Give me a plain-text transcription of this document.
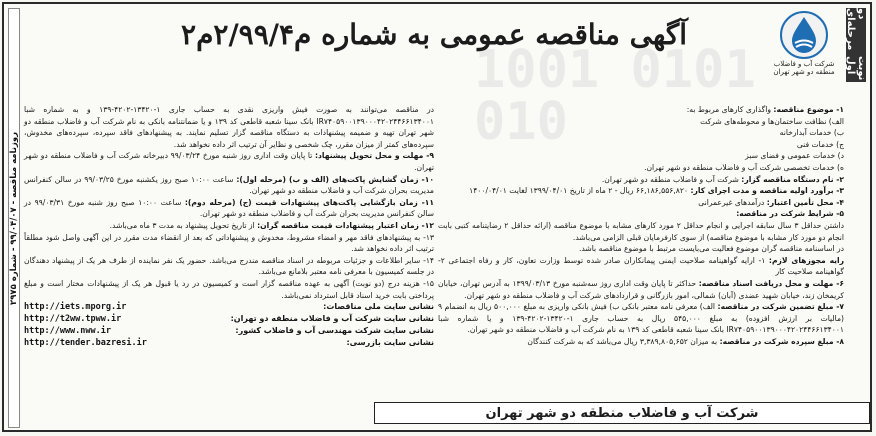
1001 0101 010
روزنامه مناقصه - ۹۹/۰۴/۰۷ - شماره ۲۹۷۵
دو مرحله‌ای
نوبت اول
شرکت آب و فاضلاب منطقه دو شهر تهران
آگهی مناقصه عمومی به شماره م۲/۹۹/۴م۲

۱- موضوع مناقصه: واگذاری کارهای مربوط به:

الف) نظافت ساختمان‌ها و محوطه‌های شرکت

ب) خدمات آبدارخانه

ج) خدمات فنی

د) خدمات عمومی و فضای سبز

ه) خدمات تخصصی شرکت آب و فاضلاب منطقه دو شهر تهران.

۲- نام دستگاه مناقصه گزار: شرکت آب و فاضلاب منطقه دو شهر تهران.

۳- برآورد اولیه مناقصه و مدت اجرای کار: ۶۶,۱۸۶,۵۵۶,۸۲۰ ریال - ۲ ماه از تاریخ ۱۳۹۹/۰۴/۰۱ لغایت ۱۴۰۰/۰۴/۰۱

۴- محل تأمین اعتبار: درآمدهای غیرعمرانی

۵- شرایط شرکت در مناقصه:

داشتن حداقل ۳ سال سابقه اجرایی و انجام حداقل ۲ مورد کارهای مشابه با موضوع مناقصه (ارائه حداقل ۲ رضایتنامه کتبی بابت انجام دو مورد کار مشابه با موضوع مناقصه) از سوی کارفرمایان قبلی الزامی می‌باشد.

در اساسنامه مناقصه گران موضوع فعالیت می‌بایست مرتبط با موضوع مناقصه باشد.

رایه مجوزهای لازم: ۱- ارایه گواهینامه صلاحیت ایمنی پیمانکاران صادر شده توسط وزارت تعاون، کار و رفاه اجتماعی ۲- گواهینامه صلاحیت کار

۶- مهلت و محل دریافت اسناد مناقصه: حداکثر تا پایان وقت اداری روز سه‌شنبه مورخ ۱۳۹۹/۰۳/۱۳ به آدرس تهران، خیابان کریمخان زند، خیابان شهید عضدی (آبان) شمالی، امور بازرگانی و قراردادهای شرکت آب و فاضلاب منطقه دو شهر تهران.

۷- مبلغ تضمین شرکت در مناقصه: الف) معرفی نامه معتبر بانکی ب) فیش بانکی واریزی به مبلغ ۵۰۰,۰۰۰ ریال به انضمام ۹ (مالیات بر ارزش افزوده) به مبلغ ۵۴۵,۰۰۰ ریال به حساب جاری ۱-۱۳۴۲۰-۴۲۰۲-۱۳۹ و یا شماره شبا IR۷۴۰۵۹۰۰۱۳۹۰۰۰۴۲۰۲۴۴۶۶۱۳۴۰۰۱ بانک سینا شعبه قاطعی کد ۱۳۹ به نام شرکت آب و فاضلاب منطقه دو شهر تهران.

۸- مبلغ سپرده شرکت در مناقصه: به میزان ۳,۳۸۹,۸۰۵,۶۵۲ ریال می‌باشد که به شرکت کنندگان

در مناقصه می‌توانند به صورت فیش واریزی نقدی به حساب جاری ۱-۱۳۴۲۰-۴۲۰۲-۱۳۹ و به شماره شبا IR۷۴۰۵۹۰۰۱۳۹۰۰۰۴۲۰۲۴۴۶۶۱۳۴۰۰۱ بانک سینا شعبه قاطعی کد ۱۳۹ و یا ضمانتنامه بانکی به نام شرکت آب و فاضلاب منطقه دو شهر تهران تهیه و ضمیمه پیشنهادات به دستگاه مناقصه گزار تسلیم نمایند. به پیشنهادهای فاقد سپرده، سپرده‌های مخدوش، سپرده‌های کمتر از میزان مقرر، چک شخصی و نظایر آن ترتیب اثر داده نخواهد شد.

۹- مهلت و محل تحویل پیشنهاد: تا پایان وقت اداری روز شنبه مورخ ۹۹/۰۳/۲۴ دبیرخانه شرکت آب و فاضلاب منطقه دو شهر تهران.

۱۰- زمان گشایش پاکت‌های (الف و ب) (مرحله اول): ساعت ۱۰:۰۰ صبح روز یکشنبه مورخ ۹۹/۰۳/۲۵ در سالن کنفرانس مدیریت بحران شرکت آب و فاضلاب منطقه دو شهر تهران.

۱۱- زمان بازگشایی پاکت‌های پیشنهادات قیمت (ج) (مرحله دوم): ساعت ۱۰:۰۰ صبح روز شنبه مورخ ۹۹/۰۳/۳۱ در سالن کنفرانس مدیریت بحران شرکت آب و فاضلاب منطقه دو شهر تهران.

۱۲- زمان اعتبار پیشنهادات قیمت مناقصه گران: از تاریخ تحویل پیشنهاد به مدت ۳ ماه می‌باشد.

۱۳- به پیشنهادهای فاقد مهر و امضاء مشروط، مخدوش و پیشنهاداتی که بعد از انقضاء مدت مقرر در این آگهی واصل شود مطلقاً ترتیب اثر داده نخواهد شد.

۱۴- سایر اطلاعات و جزئیات مربوطه در اسناد مناقصه مندرج می‌باشد. حضور یک نفر نماینده از طرف هر یک از پیشنهاد دهندگان در جلسه کمیسیون با معرفی نامه معتبر بلامانع می‌باشد.

۱۵- هزینه درج (دو نوبت) آگهی به عهده مناقصه گزار است و کمیسیون در رد یا قبول هر یک از پیشنهادات مختار است و مبلغ پرداختی بابت خرید اسناد قابل استرداد نمی‌باشد.

نشانی سایت ملی مناقصات:
http://iets.mporg.ir
نشانی سایت شرکت آب و فاضلاب منطقه دو تهران:
http://t2ww.tpww.ir
نشانی سایت شرکت مهندسی آب و فاضلاب کشور:
http://www.nww.ir
نشانی سایت بازرسی:
http://tender.bazresi.ir
شرکت آب و فاضلاب منطقه دو شهر تهران
